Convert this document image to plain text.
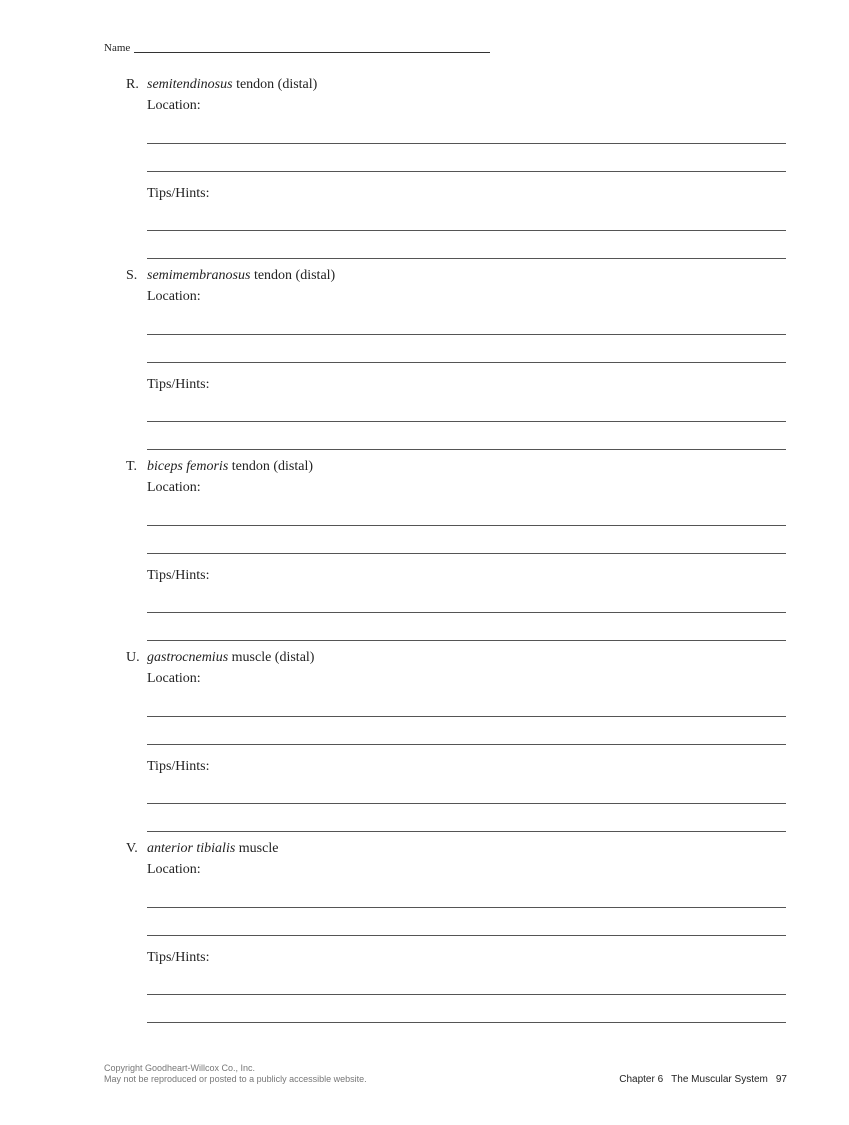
Name
R. semitendinosus tendon (distal)
Location:
Tips/Hints:
S. semimembranosus tendon (distal)
Location:
Tips/Hints:
T. biceps femoris tendon (distal)
Location:
Tips/Hints:
U. gastrocnemius muscle (distal)
Location:
Tips/Hints:
V. anterior tibialis muscle
Location:
Tips/Hints:
Copyright Goodheart-Willcox Co., Inc.
May not be reproduced or posted to a publicly accessible website.	Chapter 6 The Muscular System 97
